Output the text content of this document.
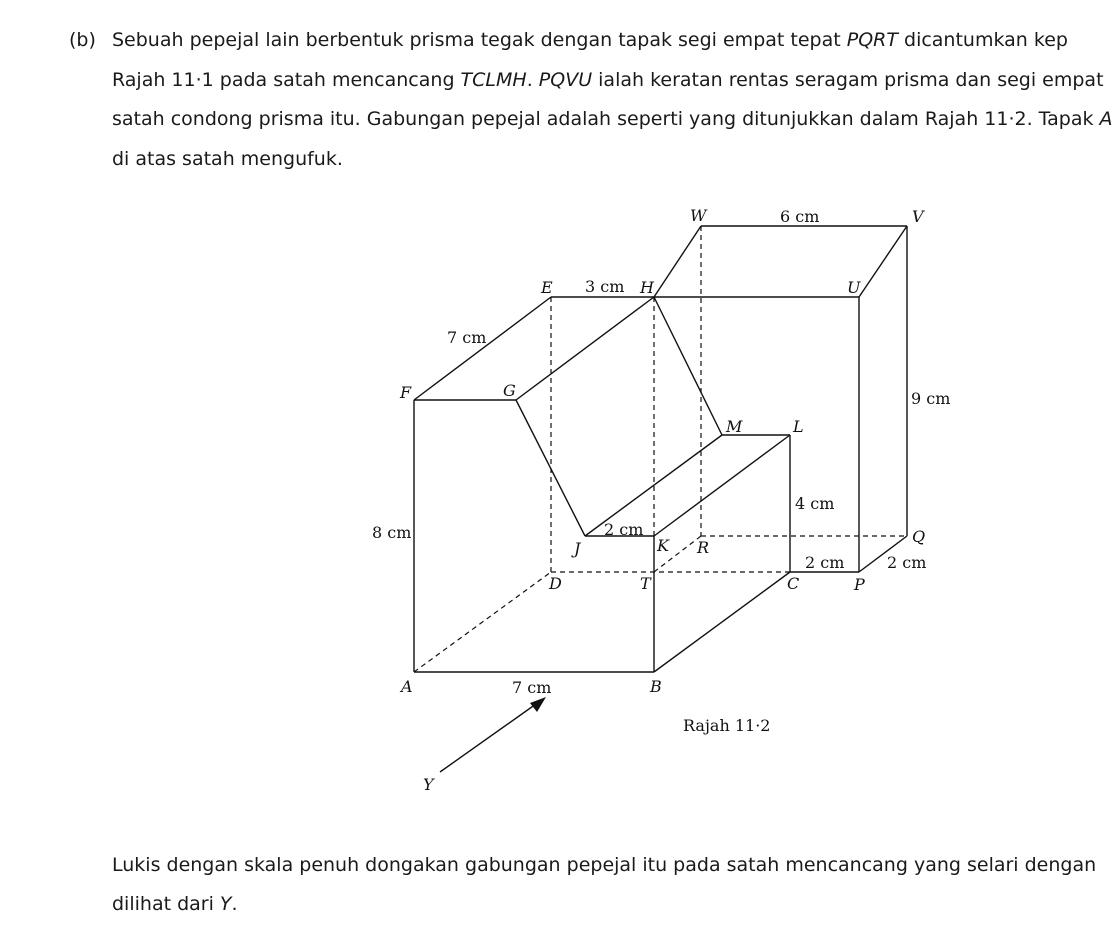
(b) Sebuah pepejal lain berbentuk prisma tegak dengan tapak segi empat tepat PQRT dicantumkan kep
Rajah 11·1 pada satah mencancang TCLMH. PQVU ialah keratan rentas seragam prisma dan segi empat
satah condong prisma itu. Gabungan pepejal adalah seperti yang ditunjukkan dalam Rajah 11·2. Tapak A
di atas satah mengufuk.
A	B
C
D
E
F	G
H
J	K
L
M
P
Q
R
T
U
V
W
Y
6 cm
3 cm
7 cm
9 cm
4 cm
8 cm	2 cm
2 cm	2 cm
7 cm
Rajah 11·2
Lukis dengan skala penuh dongakan gabungan pepejal itu pada satah mencancang yang selari dengan
dilihat dari Y.
